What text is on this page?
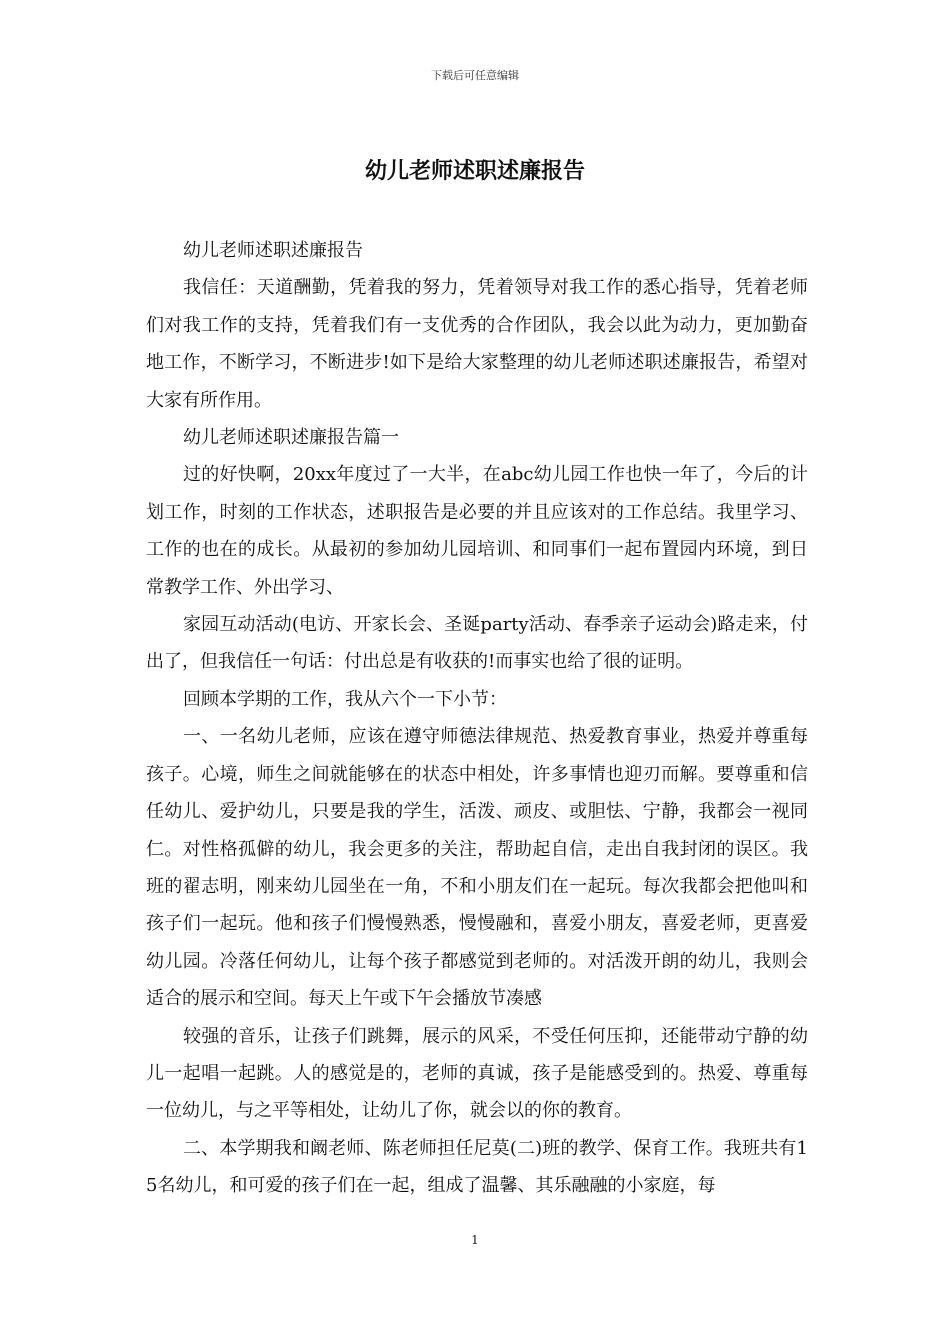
下载后可任意编辑
幼儿老师述职述廉报告

幼儿老师述职述廉报告

我信任：天道酬勤，凭着我的努力，凭着领导对我工作的悉心指导，凭着老师们对我工作的支持，凭着我们有一支优秀的合作团队，我会以此为动力，更加勤奋地工作，不断学习，不断进步!如下是给大家整理的幼儿老师述职述廉报告，希望对大家有所作用。

幼儿老师述职述廉报告篇一

过的好快啊，20xx年度过了一大半，在abc幼儿园工作也快一年了，今后的计划工作，时刻的工作状态，述职报告是必要的并且应该对的工作总结。我里学习、工作的也在的成长。从最初的参加幼儿园培训、和同事们一起布置园内环境，到日常教学工作、外出学习、

家园互动活动(电访、开家长会、圣诞party活动、春季亲子运动会)路走来，付出了，但我信任一句话：付出总是有收获的!而事实也给了很的证明。

回顾本学期的工作，我从六个一下小节：

一、一名幼儿老师，应该在遵守师德法律规范、热爱教育事业，热爱并尊重每孩子。心境，师生之间就能够在的状态中相处，许多事情也迎刃而解。要尊重和信任幼儿、爱护幼儿，只要是我的学生，活泼、顽皮、或胆怯、宁静，我都会一视同仁。对性格孤僻的幼儿，我会更多的关注，帮助起自信，走出自我封闭的误区。我班的翟志明，刚来幼儿园坐在一角，不和小朋友们在一起玩。每次我都会把他叫和孩子们一起玩。他和孩子们慢慢熟悉，慢慢融和，喜爱小朋友，喜爱老师，更喜爱幼儿园。冷落任何幼儿，让每个孩子都感觉到老师的。对活泼开朗的幼儿，我则会适合的展示和空间。每天上午或下午会播放节凑感

较强的音乐，让孩子们跳舞，展示的风采，不受任何压抑，还能带动宁静的幼儿一起唱一起跳。人的感觉是的，老师的真诚，孩子是能感受到的。热爱、尊重每一位幼儿，与之平等相处，让幼儿了你，就会以的你的教育。

二、本学期我和阚老师、陈老师担任尼莫(二)班的教学、保育工作。我班共有15名幼儿，和可爱的孩子们在一起，组成了温馨、其乐融融的小家庭，每

1
